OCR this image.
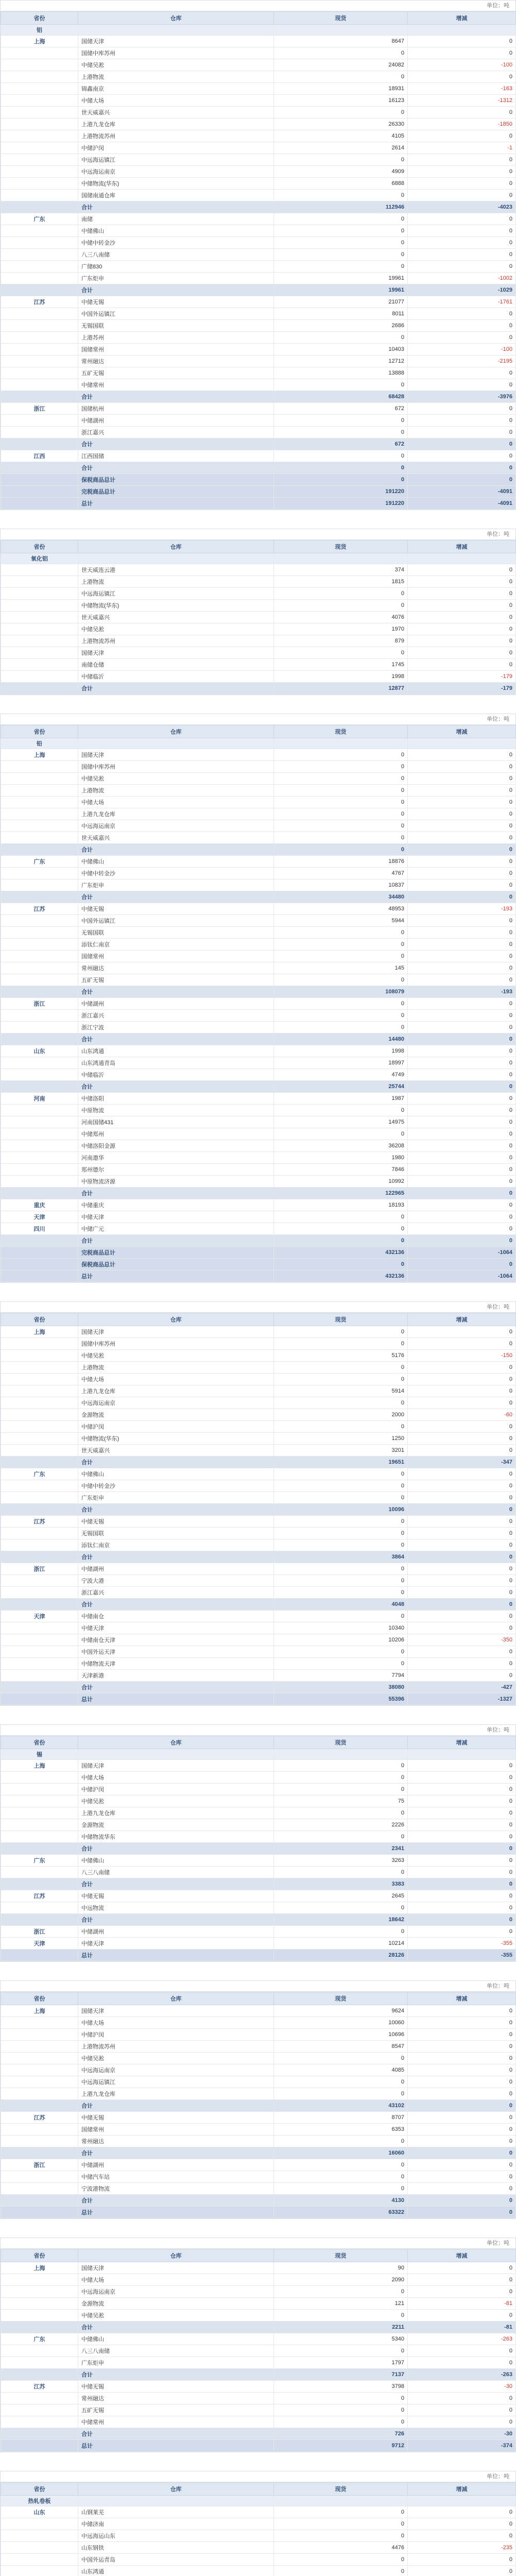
单位：吨
省份	仓库	现货	增减
铝			
上海	国储天津	8647	0
	国储中库苏州	0	0
	中储吴淞	24082	-100
	上港物流	0	0
	锦鑫南京	18931	-163
	中储大场	16123	-1312
	世天威嘉兴	0	0
	上港九龙仓库	26330	-1850
	上港物流苏州	4105	0
	中储沪闵	2614	-1
	中远海运镇江	0	0
	中远海运南京	4909	0
	中储物流(华东)	6888	0
	国储南通仓库	0	0
	合计	112946	-4023
广东	南储	0	0
	中储佛山	0	0
	中储中转金沙	0	0
	八三八南储	0	0
	广储830	0	0
	广东炬申	19961	-1002
	合计	19961	-1029
江苏	中储无锡	21077	-1761
	中国外运镇江	8011	0
	无锡国联	2686	0
	上港苏州	0	0
	国储常州	10403	-100
	常州融达	12712	-2195
	五矿无锡	13888	0
	中储常州	0	0
	合计	68428	-3976
浙江	国储杭州	672	0
	中储湖州	0	0
	浙江嘉兴	0	0
	合计	672	0
江西	江西国储	0	0
	合计	0	0
	保税商品总计	0	0
	完税商品总计	191220	-4091
	总计	191220	-4091
单位：吨
省份	仓库	现货	增减
氧化铝			
	世天威连云港	374	0
	上港物流	1815	0
	中远海运镇江	0	0
	中储物流(华东)	0	0
	世天威嘉兴	4076	0
	中储吴淞	1970	0
	上港物流苏州	879	0
	国储天津	0	0
	南储仓储	1745	0
	中储临沂	1998	-179
	合计	12877	-179
单位：吨
省份	仓库	现货	增减
铅			
上海	国储天津	0	0
	国储中库苏州	0	0
	中储吴淞	0	0
	上港物流	0	0
	中储大场	0	0
	上港九龙仓库	0	0
	中远海运南京	0	0
	世天威嘉兴	0	0
	合计	0	0
广东	中储佛山	18876	0
	中储中转金沙	4767	0
	广东炬申	10837	0
	合计	34480	0
江苏	中储无锡	48953	-193
	中国外运镇江	5944	0
	无锡国联	0	0
	添钛仁南京	0	0
	国储常州	0	0
	常州融达	145	0
	五矿无锡	0	0
	合计	108079	-193
浙江	中储湖州	0	0
	浙江嘉兴	0	0
	浙江宁波	0	0
	合计	14480	0
山东	山东鸿通	1998	0
	山东鸿通青岛	18997	0
	中储临沂	4749	0
	合计	25744	0
河南	中储洛阳	1987	0
	中原物流	0	0
	河南国储431	14975	0
	中储郑州	0	0
	中储洛阳金源	36208	0
	河南遨华	1980	0
	郑州德尔	7846	0
	中原物流济源	10992	0
	合计	122965	0
重庆	中储重庆	18193	0
天津	中储天津	0	0
四川	中储广元	0	0
	合计	0	0
	完税商品总计	432136	-1064
	保税商品总计	0	0
	总计	432136	-1064
单位：吨
省份	仓库	现货	增减
上海	国储天津	0	0
	国储中库苏州	0	0
	中储吴淞	5176	-150
	上港物流	0	0
	中储大场	0	0
	上港九龙仓库	5914	0
	中远海运南京	0	0
	金源物流	2000	-60
	中储沪闵	0	0
	中储物流(华东)	1250	0
	世天威嘉兴	3201	0
	合计	19651	-347
广东	中储佛山	0	0
	中储中转金沙	0	0
	广东炬申	0	0
	合计	10096	0
江苏	中储无锡	0	0
	无锡国联	0	0
	添钛仁南京	0	0
	合计	3864	0
浙江	中储湖州	0	0
	宁波大港	0	0
	浙江嘉兴	0	0
	合计	4048	0
天津	中储南仓	0	0
	中储天津	10340	0
	中储南仓天津	10206	-350
	中国外运天津	0	0
	中储物流天津	0	0
	天津新港	7794	0
	合计	38080	-427
	总计	55396	-1327
单位：吨
省份	仓库	现货	增减
锡			
上海	国储天津	0	0
	中储大场	0	0
	中储沪闵	0	0
	中储吴淞	75	0
	上港九龙仓库	0	0
	金源物流	2226	0
	中储物流华东	0	0
	合计	2341	0
广东	中储佛山	3263	0
	八三八南储	0	0
	合计	3383	0
江苏	中储无锡	2645	0
	中远物流	0	0
	合计	18642	0
浙江	中储湖州	0	0
天津	中储天津	10214	-355
	总计	28126	-355
单位：吨
省份	仓库	现货	增减
上海	国储天津	9624	0
	中储大场	10060	0
	中储沪闵	10696	0
	上港物流苏州	8547	0
	中储吴淞	0	0
	中远海运南京	4085	0
	中远海运镇江	0	0
	上港九龙仓库	0	0
	合计	43102	0
江苏	中储无锡	8707	0
	国储常州	6353	0
	常州融达	0	0
	合计	16060	0
浙江	中储湖州	0	0
	中储汽车站	0	0
	宁波港物流	0	0
	合计	4130	0
	总计	63322	0
单位：吨
省份	仓库	现货	增减
上海	国储天津	90	0
	中储大场	2090	0
	中远海运南京	0	0
	金源物流	121	-81
	中储吴淞	0	0
	合计	2211	-81
广东	中储佛山	5340	-263
	八三八南储	0	0
	广东炬申	1797	0
	合计	7137	-263
江苏	中储无锡	3798	-30
	常州融达	0	0
	五矿无锡	0	0
	中储常州	0	0
	合计	726	-30
	总计	9712	-374
单位：吨
省份	仓库	现货	增减
热轧卷板			
山东	山钢莱芜	0	0
	中储济南	0	0
	中远海运山东	0	0
	山东钢铁	4476	-235
	中国外运青岛	0	0
	山东鸿通	0	0
